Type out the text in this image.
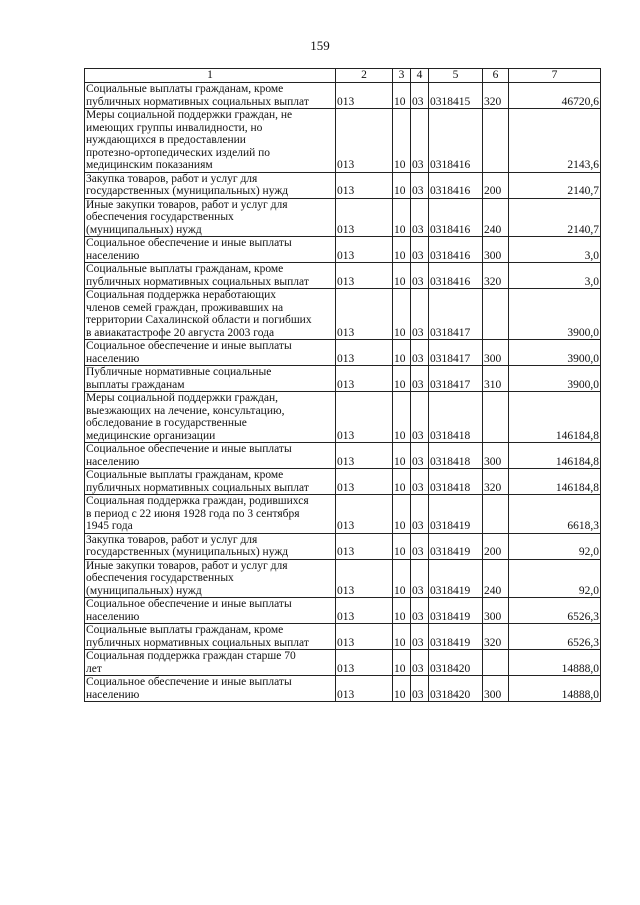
159
1	2	3	4	5	6	7
Социальные выплаты гражданам, кроме
публичных нормативных социальных выплат	013	10	03	0318415	320	46720,6
Меры социальной поддержки граждан, не
имеющих группы инвалидности, но
нуждающихся в предоставлении
протезно-ортопедических изделий по
медицинским показаниям	013	10	03	0318416		2143,6
Закупка товаров, работ и услуг для
государственных (муниципальных) нужд	013	10	03	0318416	200	2140,7
Иные закупки товаров, работ и услуг для
обеспечения государственных
(муниципальных) нужд	013	10	03	0318416	240	2140,7
Социальное обеспечение и иные выплаты
населению	013	10	03	0318416	300	3,0
Социальные выплаты гражданам, кроме
публичных нормативных социальных выплат	013	10	03	0318416	320	3,0
Социальная поддержка неработающих
членов семей граждан, проживавших на
территории Сахалинской области и погибших
в авиакатастрофе 20 августа 2003 года	013	10	03	0318417		3900,0
Социальное обеспечение и иные выплаты
населению	013	10	03	0318417	300	3900,0
Публичные нормативные социальные
выплаты гражданам	013	10	03	0318417	310	3900,0
Меры социальной поддержки граждан,
выезжающих на лечение, консультацию,
обследование в государственные
медицинские организации	013	10	03	0318418		146184,8
Социальное обеспечение и иные выплаты
населению	013	10	03	0318418	300	146184,8
Социальные выплаты гражданам, кроме
публичных нормативных социальных выплат	013	10	03	0318418	320	146184,8
Социальная поддержка граждан, родившихся
в период с 22 июня 1928 года по 3 сентября
1945 года	013	10	03	0318419		6618,3
Закупка товаров, работ и услуг для
государственных (муниципальных) нужд	013	10	03	0318419	200	92,0
Иные закупки товаров, работ и услуг для
обеспечения государственных
(муниципальных) нужд	013	10	03	0318419	240	92,0
Социальное обеспечение и иные выплаты
населению	013	10	03	0318419	300	6526,3
Социальные выплаты гражданам, кроме
публичных нормативных социальных выплат	013	10	03	0318419	320	6526,3
Социальная поддержка граждан старше 70
лет	013	10	03	0318420		14888,0
Социальное обеспечение и иные выплаты
населению	013	10	03	0318420	300	14888,0
